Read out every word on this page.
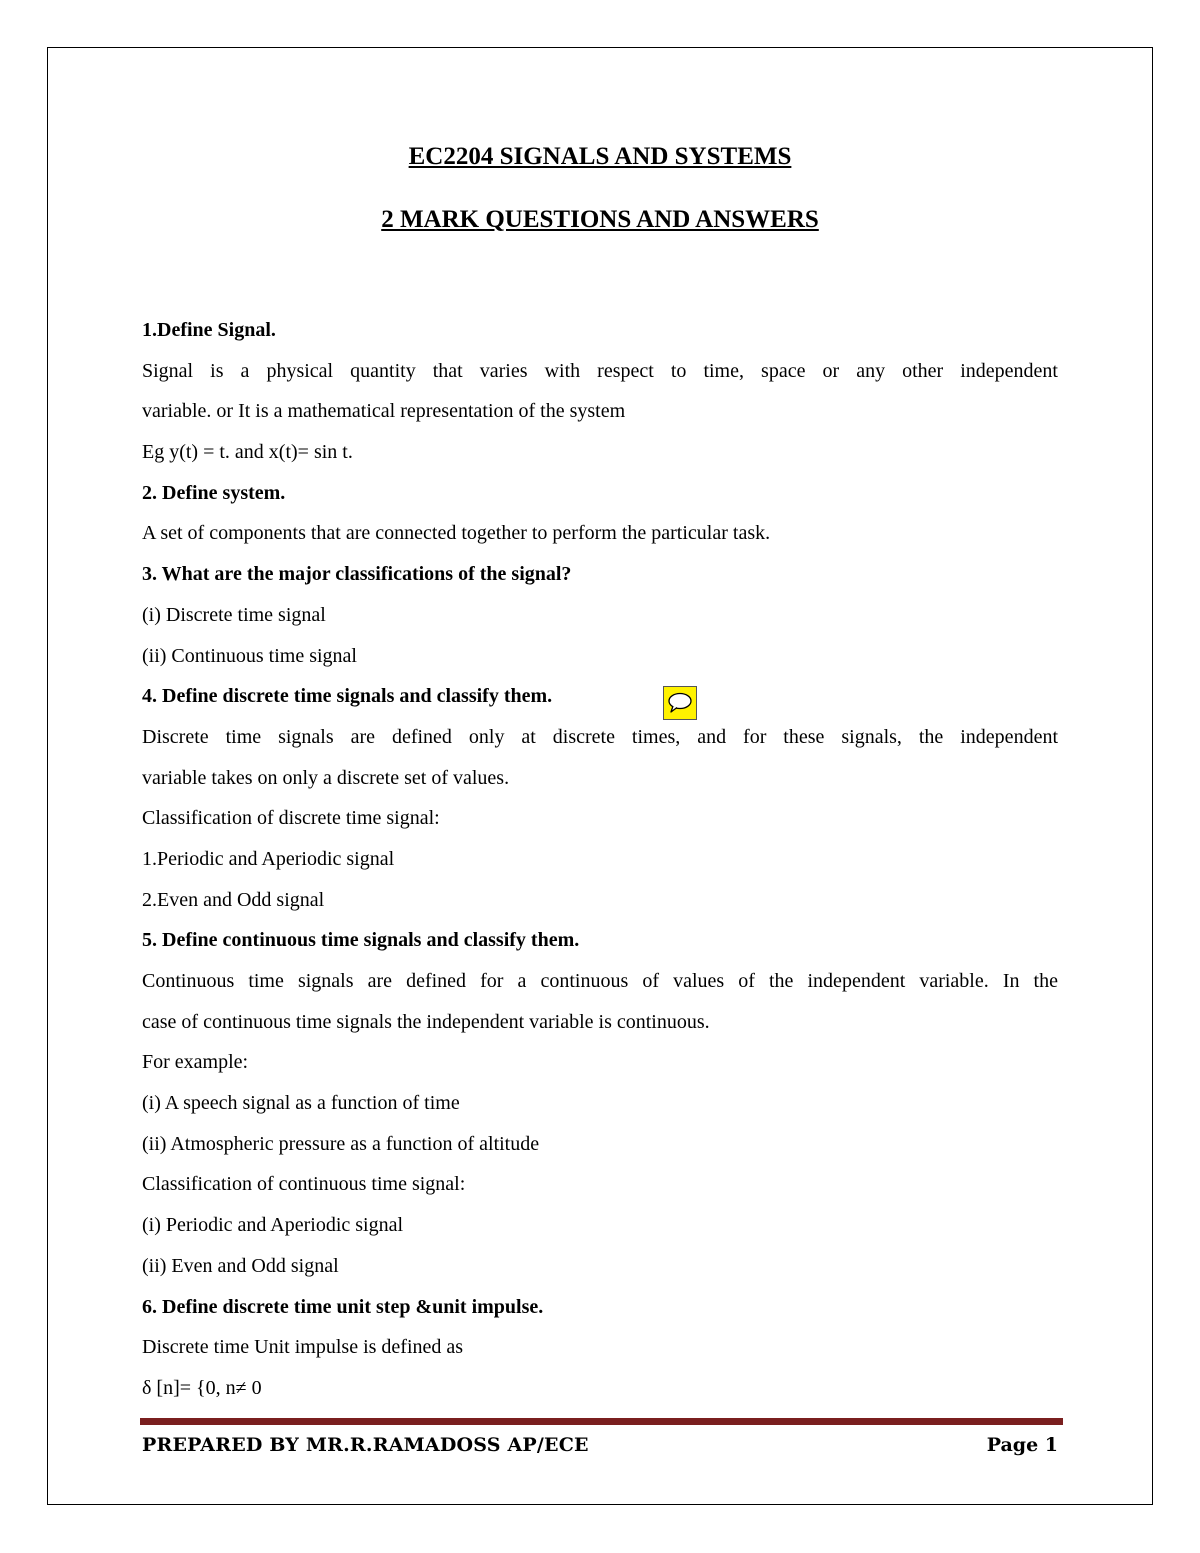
EC2204 SIGNALS AND SYSTEMS
2 MARK QUESTIONS AND ANSWERS
1.Define Signal.
Signal is a physical quantity that varies with respect to time, space or any other independent
variable. or It is a mathematical representation of the system
Eg y(t) = t. and x(t)= sin t.
2. Define system.
A set of components that are connected together to perform the particular task.
3. What are the major classifications of the signal?
(i) Discrete time signal
(ii) Continuous time signal
4. Define discrete time signals and classify them.
Discrete time signals are defined only at discrete times, and for these signals, the independent
variable takes on only a discrete set of values.
Classification of discrete time signal:
1.Periodic and Aperiodic signal
2.Even and Odd signal
5. Define continuous time signals and classify them.
Continuous time signals are defined for a continuous of values of the independent variable. In the
case of continuous time signals the independent variable is continuous.
For example:
(i) A speech signal as a function of time
(ii) Atmospheric pressure as a function of altitude
Classification of continuous time signal:
(i) Periodic and Aperiodic signal
(ii) Even and Odd signal
6. Define discrete time unit step &unit impulse.
Discrete time Unit impulse is defined as
δ [n]= {0, n≠ 0
PREPARED BY MR.R.RAMADOSS AP/ECE	Page 1
